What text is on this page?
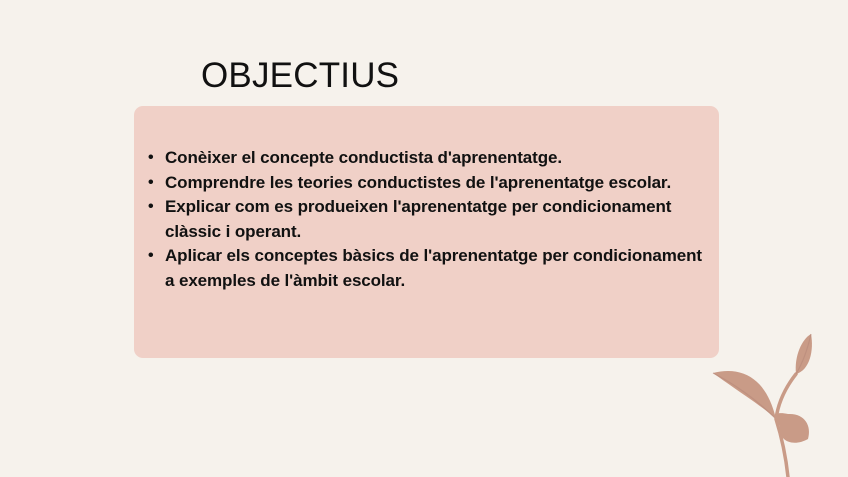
OBJECTIUS
• Conèixer el concepte conductista d'aprenentatge.
• Comprendre les teories conductistes de l'aprenentatge escolar.
• Explicar com es produeixen l'aprenentatge per condicionament clàssic i operant.
• Aplicar els conceptes bàsics de l'aprenentatge per condicionament a exemples de l'àmbit escolar.
